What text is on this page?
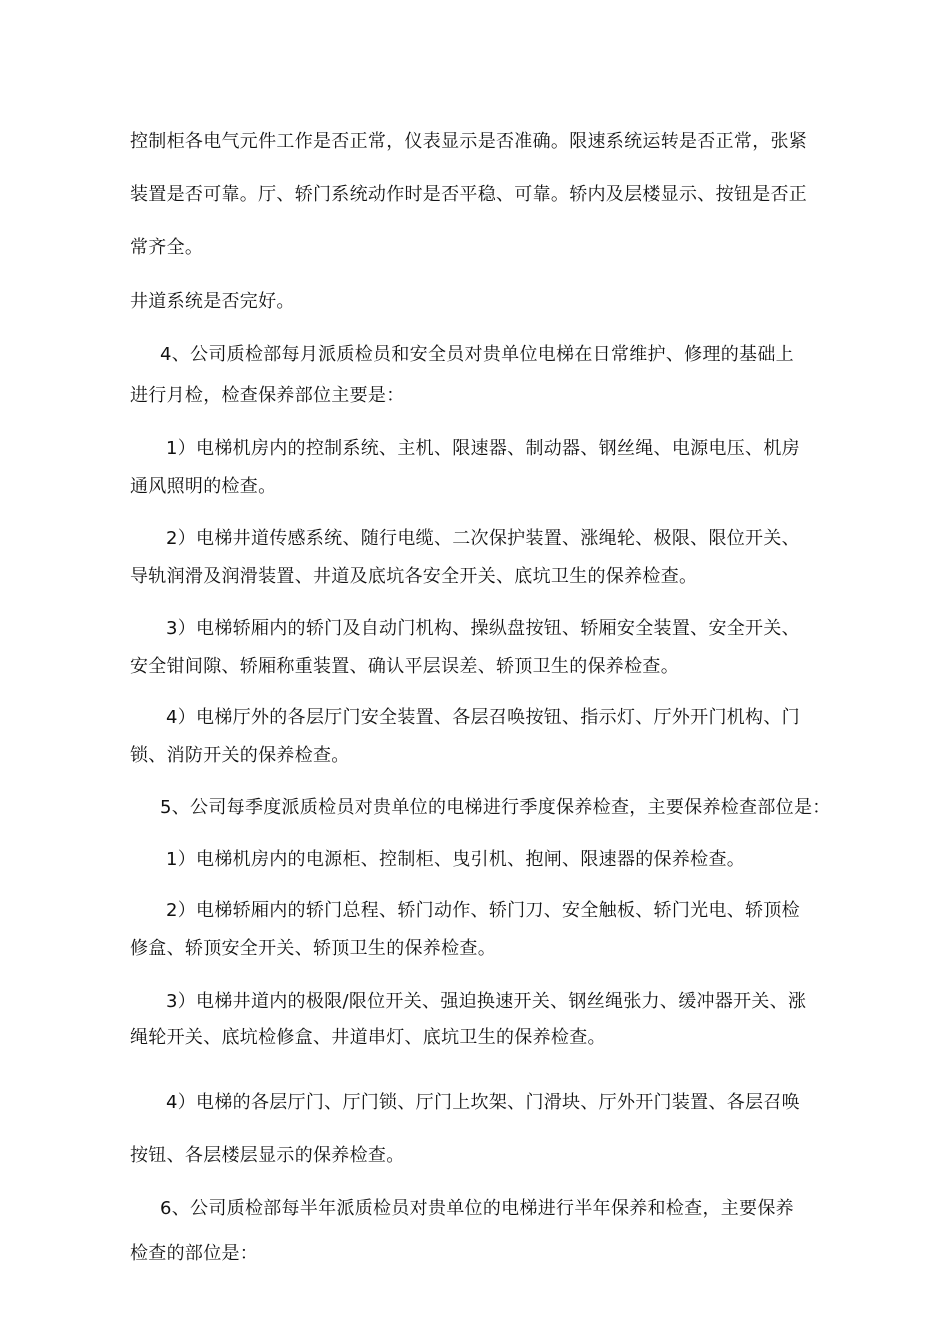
控制柜各电气元件工作是否正常，仪表显示是否准确。限速系统运转是否正常，张紧

装置是否可靠。厅、轿门系统动作时是否平稳、可靠。轿内及层楼显示、按钮是否正

常齐全。

井道系统是否完好。

4、公司质检部每月派质检员和安全员对贵单位电梯在日常维护、修理的基础上

进行月检，检查保养部位主要是：

1）电梯机房内的控制系统、主机、限速器、制动器、钢丝绳、电源电压、机房

通风照明的检查。

2）电梯井道传感系统、随行电缆、二次保护装置、涨绳轮、极限、限位开关、

导轨润滑及润滑装置、井道及底坑各安全开关、底坑卫生的保养检查。

3）电梯轿厢内的轿门及自动门机构、操纵盘按钮、轿厢安全装置、安全开关、

安全钳间隙、轿厢称重装置、确认平层误差、轿顶卫生的保养检查。

4）电梯厅外的各层厅门安全装置、各层召唤按钮、指示灯、厅外开门机构、门

锁、消防开关的保养检查。

5、公司每季度派质检员对贵单位的电梯进行季度保养检查，主要保养检查部位是：

1）电梯机房内的电源柜、控制柜、曳引机、抱闸、限速器的保养检查。

2）电梯轿厢内的轿门总程、轿门动作、轿门刀、安全触板、轿门光电、轿顶检

修盒、轿顶安全开关、轿顶卫生的保养检查。

3）电梯井道内的极限/限位开关、强迫换速开关、钢丝绳张力、缓冲器开关、涨

绳轮开关、底坑检修盒、井道串灯、底坑卫生的保养检查。

4）电梯的各层厅门、厅门锁、厅门上坎架、门滑块、厅外开门装置、各层召唤

按钮、各层楼层显示的保养检查。

6、公司质检部每半年派质检员对贵单位的电梯进行半年保养和检查，主要保养

检查的部位是：
